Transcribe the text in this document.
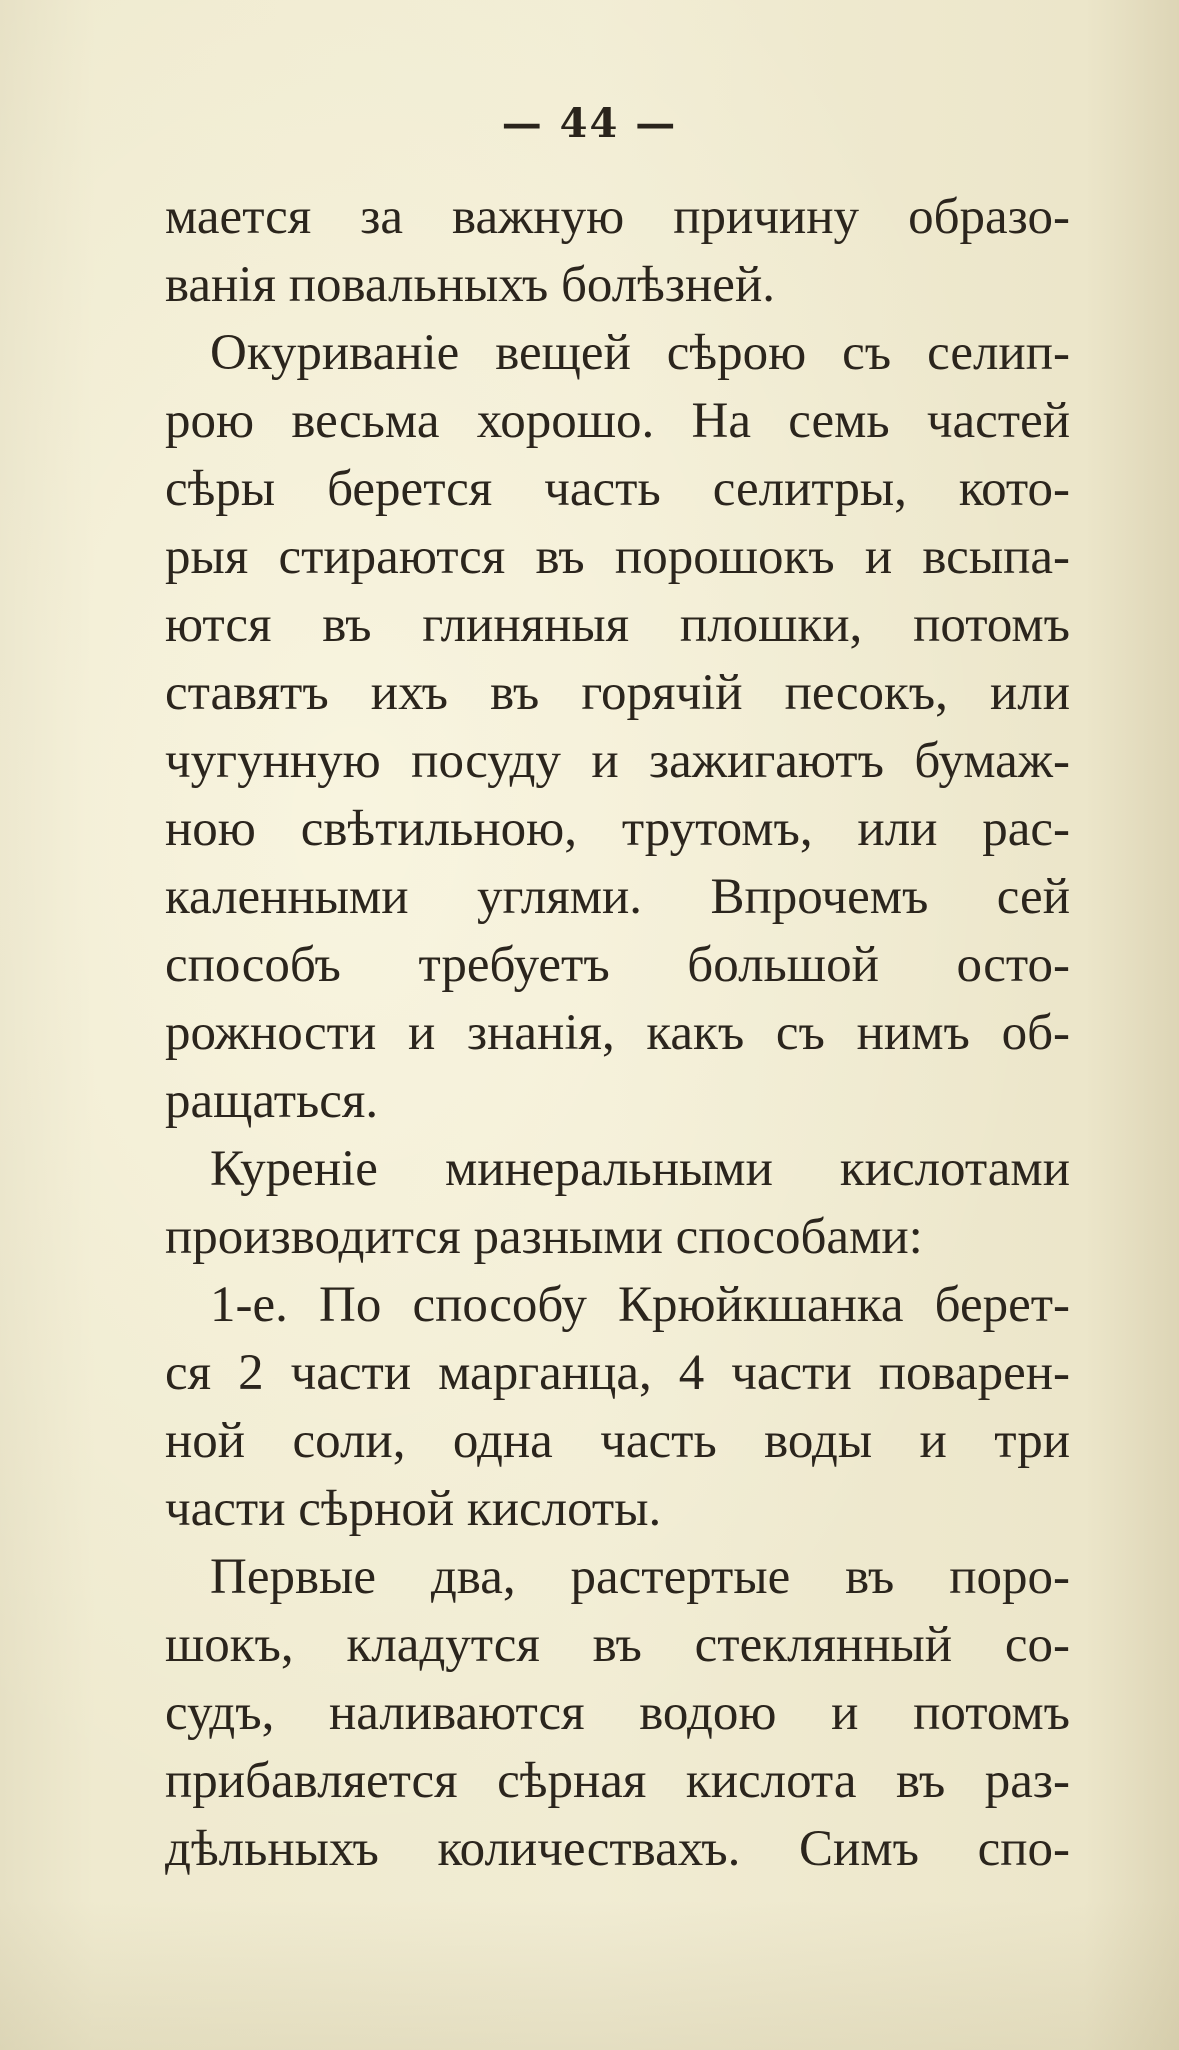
— 44 —
мается за важную причину образо-
ванія повальныхъ болѣзней.
Окуриваніе вещей сѣрою съ селип-
рою весьма хорошо. На семь частей
сѣры берется часть селитры, кото-
рыя стираются въ порошокъ и всыпа-
ются въ глиняныя плошки, потомъ
ставятъ ихъ въ горячій песокъ, или
чугунную посуду и зажигаютъ бумаж-
ною свѣтильною, трутомъ, или рас-
каленными углями. Впрочемъ сей
способъ требуетъ большой осто-
рожности и знанія, какъ съ нимъ об-
ращаться.
Куреніе минеральными кислотами
производится разными способами:
1-е. По способу Крюйкшанка берет-
ся 2 части марганца, 4 части поварен-
ной соли, одна часть воды и три
части сѣрной кислоты.
Первые два, растертые въ поро-
шокъ, кладутся въ стеклянный со-
судъ, наливаются водою и потомъ
прибавляется сѣрная кислота въ раз-
дѣльныхъ количествахъ. Симъ спо-
